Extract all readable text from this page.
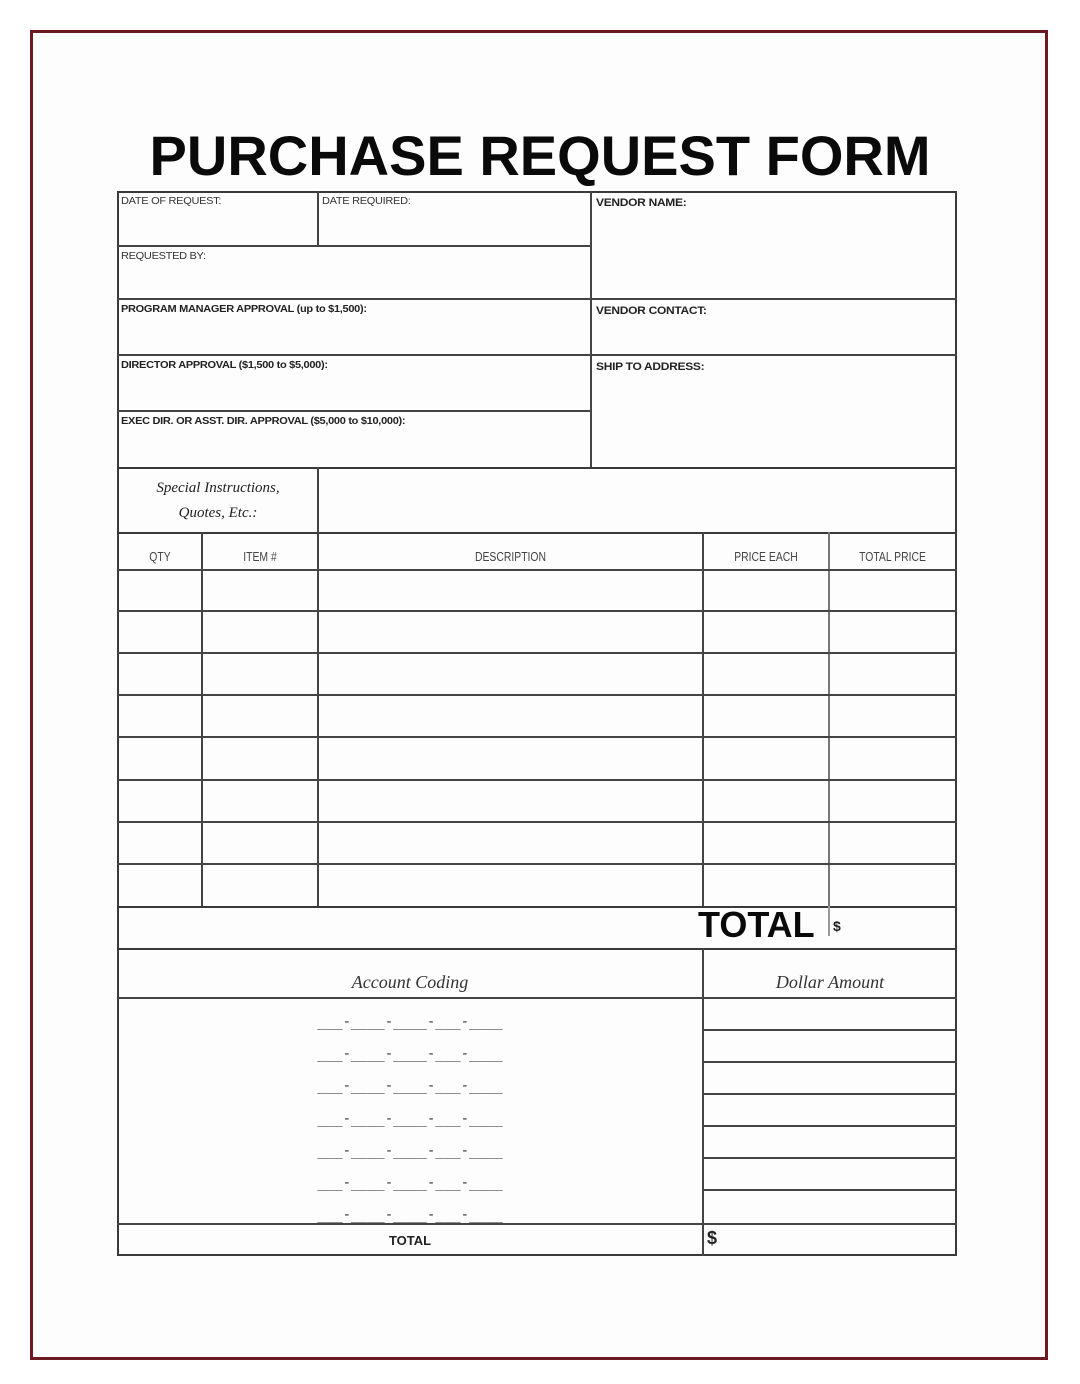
PURCHASE REQUEST FORM
DATE OF REQUEST:	DATE REQUIRED:
REQUESTED BY:
PROGRAM MANAGER APPROVAL (up to $1,500):
DIRECTOR APPROVAL ($1,500 to $5,000):
EXEC DIR. OR ASST. DIR. APPROVAL ($5,000 to $10,000):
VENDOR NAME:
VENDOR CONTACT:
SHIP TO ADDRESS:
Special Instructions,
Quotes, Etc.:
QTY	ITEM #	DESCRIPTION	PRICE EACH	TOTAL PRICE
TOTAL $
Account Coding	Dollar Amount
___-____-____-___-____
___-____-____-___-____
___-____-____-___-____
___-____-____-___-____
___-____-____-___-____
___-____-____-___-____
___-____-____-___-____
TOTAL	$
